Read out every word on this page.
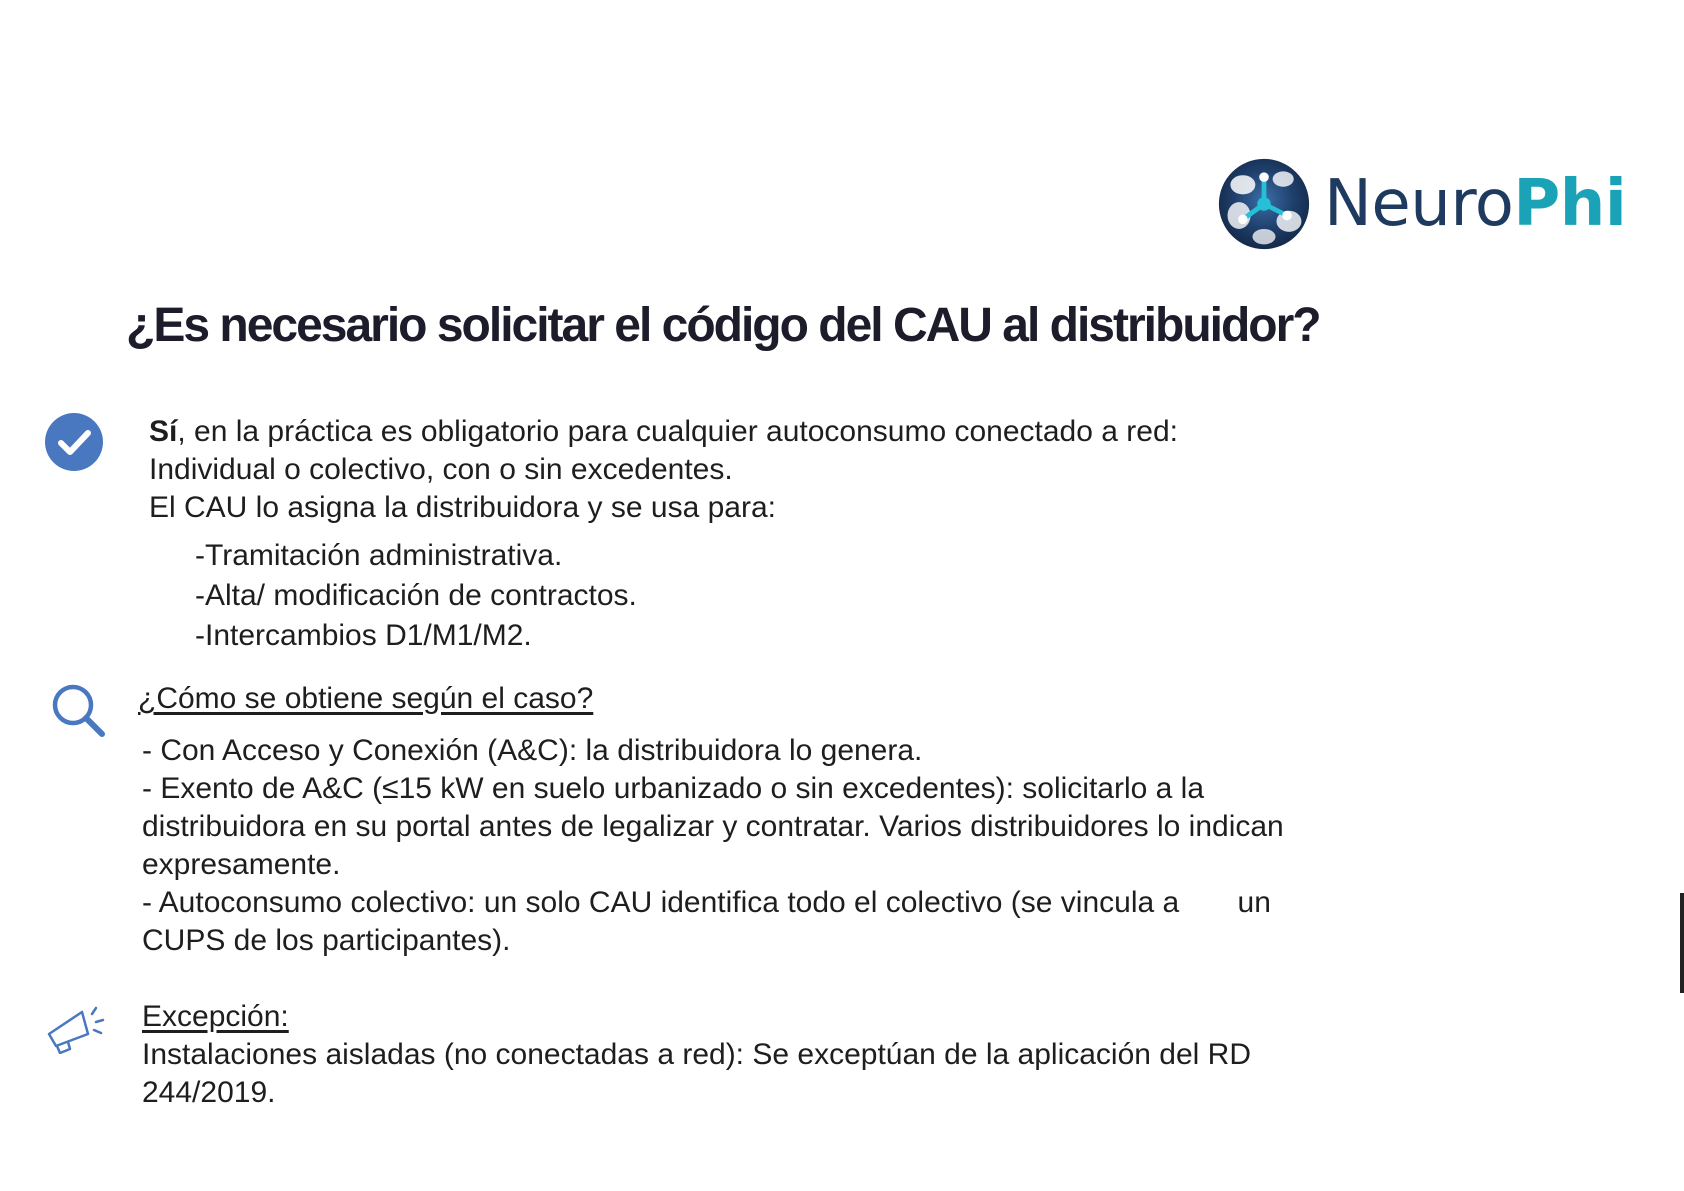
NeuroPhi
¿Es necesario solicitar el código del CAU al distribuidor?
Sí, en la práctica es obligatorio para cualquier autoconsumo conectado a red:
Individual o colectivo, con o sin excedentes.
El CAU lo asigna la distribuidora y se usa para:
-Tramitación administrativa.
-Alta/ modificación de contractos.
-Intercambios D1/M1/M2.
¿Cómo se obtiene según el caso?
- Con Acceso y Conexión (A&C): la distribuidora lo genera.
- Exento de A&C (≤15 kW en suelo urbanizado o sin excedentes): solicitarlo a la
distribuidora en su portal antes de legalizar y contratar. Varios distribuidores lo indican
expresamente.
- Autoconsumo colectivo: un solo CAU identifica todo el colectivo (se vincula a       un
CUPS de los participantes).
Excepción:
Instalaciones aisladas (no conectadas a red): Se exceptúan de la aplicación del RD
244/2019.
